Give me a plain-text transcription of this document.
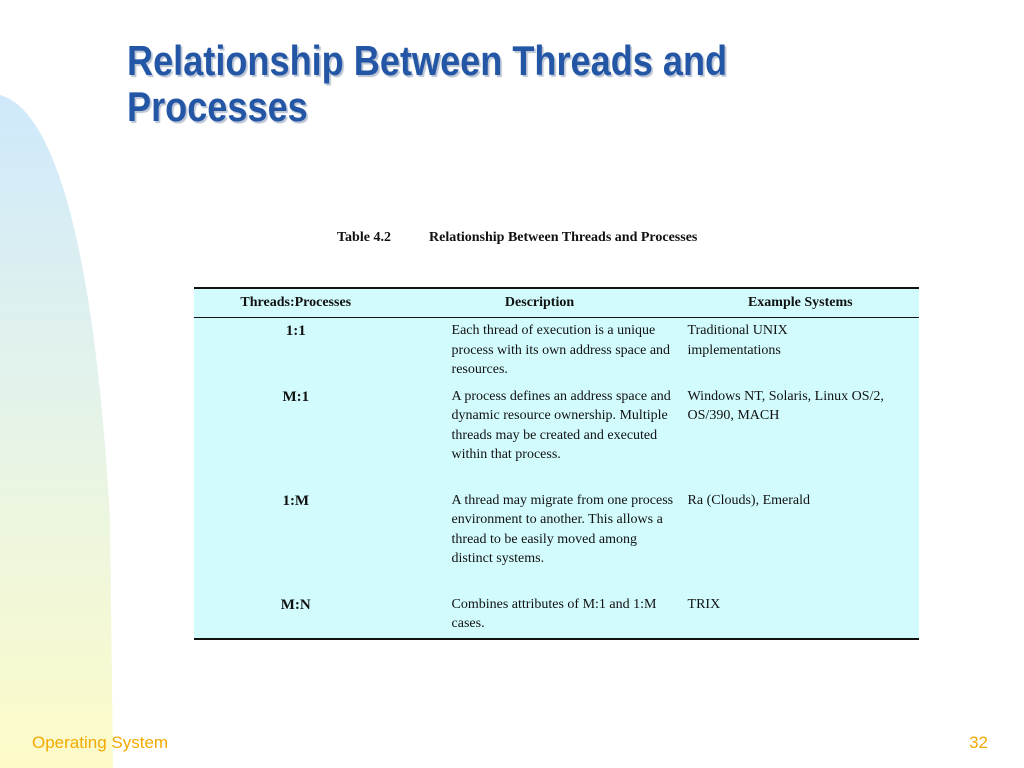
Relationship Between Threads and
Processes
Table 4.2	Relationship Between Threads and Processes
Threads:Processes	Description	Example Systems
1:1	Each thread of execution is a unique process with its own address space and resources.	Traditional UNIX implementations

M:1	A process defines an address space and dynamic resource ownership. Multiple threads may be created and executed within that process.	Windows NT, Solaris, Linux OS/2, OS/390, MACH

1:M	A thread may migrate from one process environment to another. This allows a thread to be easily moved among distinct systems.	Ra (Clouds), Emerald

M:N	Combines attributes of M:1 and 1:M cases.	TRIX
Operating System	32
